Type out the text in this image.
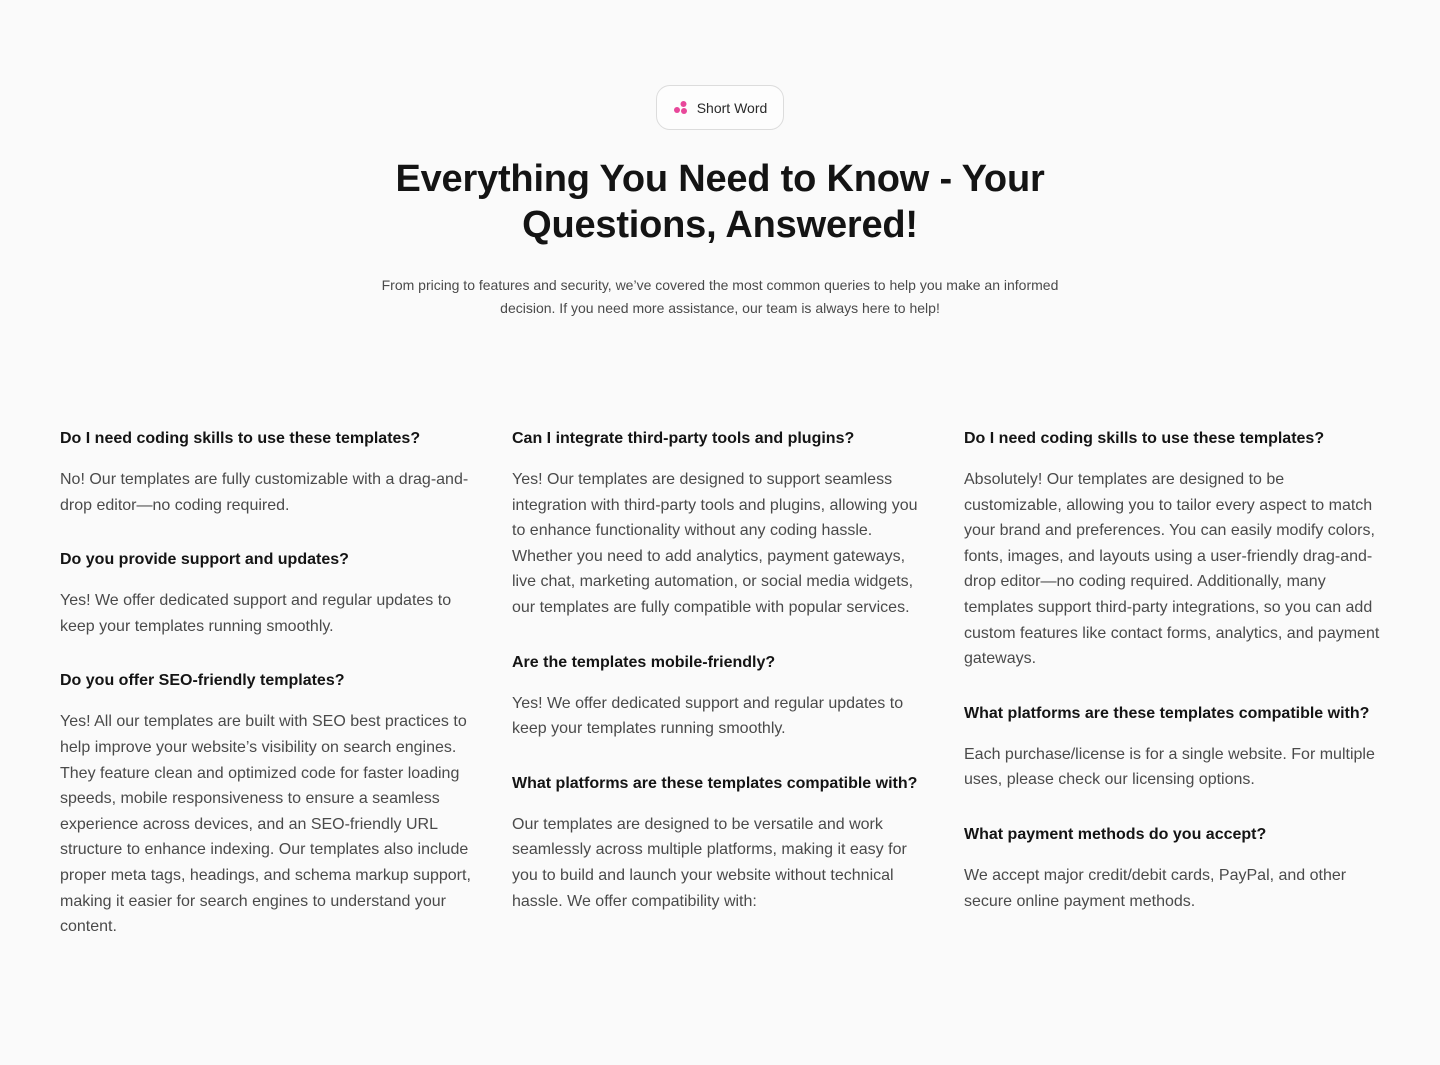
Short Word
Everything You Need to Know - Your Questions, Answered!

From pricing to features and security, we’ve covered the most common queries to help you make an informed decision. If you need more assistance, our team is always here to help!

Do I need coding skills to use these templates?

No! Our templates are fully customizable with a drag-and-drop editor—no coding required.

Do you provide support and updates?

Yes! We offer dedicated support and regular updates to keep your templates running smoothly.

Do you offer SEO-friendly templates?

Yes! All our templates are built with SEO best practices to help improve your website’s visibility on search engines. They feature clean and optimized code for faster loading speeds, mobile responsiveness to ensure a seamless experience across devices, and an SEO-friendly URL structure to enhance indexing. Our templates also include proper meta tags, headings, and schema markup support, making it easier for search engines to understand your content.

Can I integrate third-party tools and plugins?

Yes! Our templates are designed to support seamless integration with third-party tools and plugins, allowing you to enhance functionality without any coding hassle. Whether you need to add analytics, payment gateways, live chat, marketing automation, or social media widgets, our templates are fully compatible with popular services.

Are the templates mobile-friendly?

Yes! We offer dedicated support and regular updates to keep your templates running smoothly.

What platforms are these templates compatible with?

Our templates are designed to be versatile and work seamlessly across multiple platforms, making it easy for you to build and launch your website without technical hassle. We offer compatibility with:

Do I need coding skills to use these templates?

Absolutely! Our templates are designed to be customizable, allowing you to tailor every aspect to match your brand and preferences. You can easily modify colors, fonts, images, and layouts using a user-friendly drag-and-drop editor—no coding required. Additionally, many templates support third-party integrations, so you can add custom features like contact forms, analytics, and payment gateways.

What platforms are these templates compatible with?

Each purchase/license is for a single website. For multiple uses, please check our licensing options.

What payment methods do you accept?

We accept major credit/debit cards, PayPal, and other secure online payment methods.
